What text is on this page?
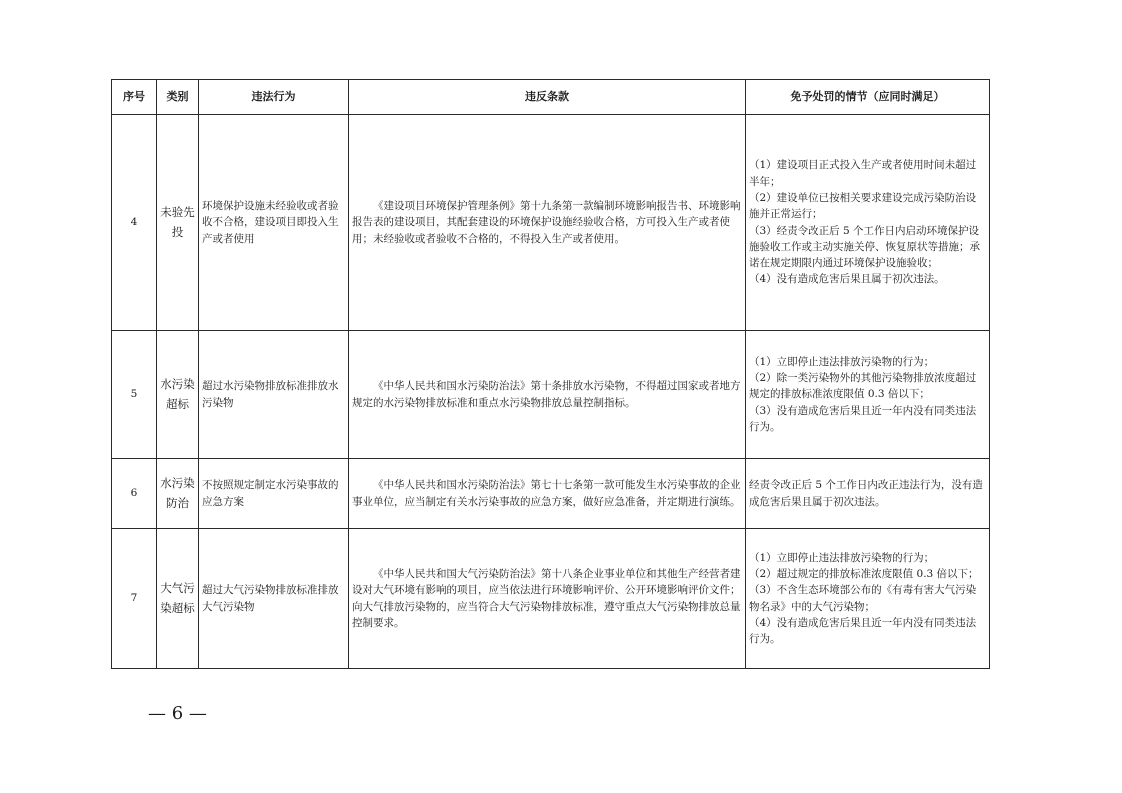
序号	类别	违法行为	违反条款	免予处罚的情节（应同时满足）
4	未验先投	环境保护设施未经验收或者验收不合格，建设项目即投入生产或者使用	《建设项目环境保护管理条例》第十九条第一款编制环境影响报告书、环境影响报告表的建设项目，其配套建设的环境保护设施经验收合格，方可投入生产或者使用；未经验收或者验收不合格的，不得投入生产或者使用。	（1）建设项目正式投入生产或者使用时间未超过半年；
（2）建设单位已按相关要求建设完成污染防治设施并正常运行；
（3）经责令改正后 5 个工作日内启动环境保护设施验收工作或主动实施关停、恢复原状等措施；承诺在规定期限内通过环境保护设施验收；
（4）没有造成危害后果且属于初次违法。

5	水污染超标	超过水污染物排放标准排放水污染物	《中华人民共和国水污染防治法》第十条排放水污染物，不得超过国家或者地方规定的水污染物排放标准和重点水污染物排放总量控制指标。	（1）立即停止违法排放污染物的行为；
（2）除一类污染物外的其他污染物排放浓度超过规定的排放标准浓度限值 0.3 倍以下；
（3）没有造成危害后果且近一年内没有同类违法行为。

6	水污染防治	不按照规定制定水污染事故的应急方案	《中华人民共和国水污染防治法》第七十七条第一款可能发生水污染事故的企业事业单位，应当制定有关水污染事故的应急方案，做好应急准备，并定期进行演练。	经责令改正后 5 个工作日内改正违法行为，没有造成危害后果且属于初次违法。

7	大气污染超标	超过大气污染物排放标准排放大气污染物	《中华人民共和国大气污染防治法》第十八条企业事业单位和其他生产经营者建设对大气环境有影响的项目，应当依法进行环境影响评价、公开环境影响评价文件；向大气排放污染物的，应当符合大气污染物排放标准，遵守重点大气污染物排放总量控制要求。	（1）立即停止违法排放污染物的行为；
（2）超过规定的排放标准浓度限值 0.3 倍以下；
（3）不含生态环境部公布的《有毒有害大气污染物名录》中的大气污染物；
（4）没有造成危害后果且近一年内没有同类违法行为。
— 6 —
